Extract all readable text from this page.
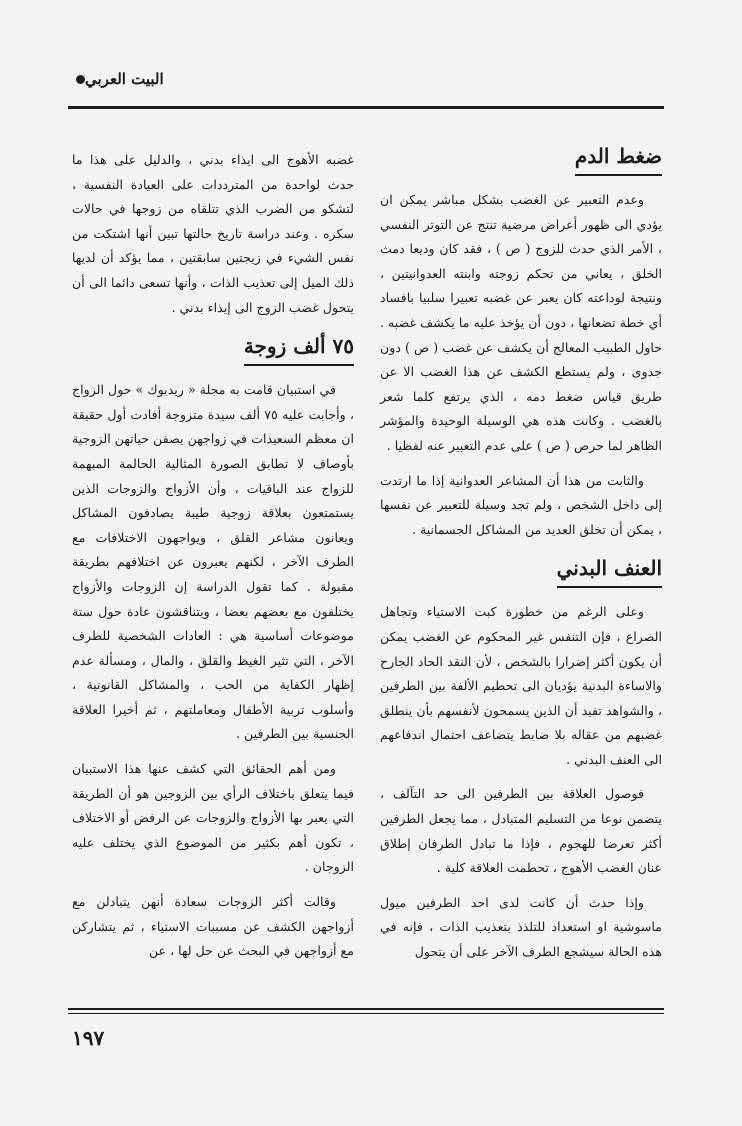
البيت العربي
ضغط الدم

وعدم التعبير عن الغضب بشكل مباشر يمكن ان يؤدي الى ظهور أعراض مرضية تنتج عن التوتر النفسي ، الأمر الذي حدث للزوج ( ص ) ، فقد كان وديعا دمث الخلق ، يعاني من تحكم زوجته وابنته العدوانيتين ، ونتيجة لوداعته كان يعبر عن غضبه تعبيرا سلبيا بافساد أي خطة تضعانها ، دون أن يؤخذ عليه ما يكشف غضبه . حاول الطبيب المعالج أن يكشف عن غضب ( ص ) دون جدوى ، ولم يستطع الكشف عن هذا الغضب الا عن طريق قياس ضغط دمه ، الذي يرتفع كلما شعر بالغضب . وكانت هذه هي الوسيلة الوحيدة والمؤشر الظاهر لما حرص ( ص ) على عدم التعبير عنه لفظيا .

والثابت من هذا أن المشاعر العدوانية إذا ما ارتدت إلى داخل الشخص ، ولم تجد وسيلة للتعبير عن نفسها ، يمكن أن تخلق العديد من المشاكل الجسمانية .

العنف البدني

وعلى الرغم من خطورة كبت الاستياء وتجاهل الصراع ، فإن التنفس غير المحكوم عن الغضب يمكن أن يكون أكثر إضرارا بالشخص ، لأن النقد الحاد الجارح والاساءة البدنية يؤديان الى تحطيم الألفة بين الطرفين ، والشواهد تفيد أن الذين يسمحون لأنفسهم بأن ينطلق غضبهم من عقاله بلا ضابط يتضاعف احتمال اندفاعهم الى العنف البدني .

فوصول العلاقة بين الطرفين الى حد التآلف ، يتضمن نوعا من التسليم المتبادل ، مما يجعل الطرفين أكثر تعرضا للهجوم ، فإذا ما تبادل الطرفان إطلاق عنان الغضب الأهوج ، تحطمت العلاقة كلية .

وإذا حدث أن كانت لدى احد الطرفين ميول ماسوشية او استعداد للتلذذ بتعذيب الذات ، فإنه في هذه الحالة سيشجع الطرف الآخر على أن يتحول

غضبه الأهوج الى ايذاء بدني ، والدليل على هذا ما حدث لواحدة من المترددات على العيادة النفسية ، لتشكو من الضرب الذي تتلقاه من زوجها في حالات سكره . وعند دراسة تاريخ حالتها تبين أنها اشتكت من نفس الشيء في زيجتين سابقتين ، مما يؤكد أن لديها ذلك الميل إلى تعذيب الذات ، وأنها تسعى دائما الى أن يتحول غضب الزوج الى إيذاء بدني .

٧٥ ألف زوجة

في استبيان قامت به مجلة « ريدبوك » حول الزواج ، وأجابت عليه ٧٥ ألف سيدة متزوجة أفادت أول حقيقة ان معظم السعيدات في زواجهن يصفن حياتهن الزوجية بأوصاف لا تطابق الصورة المثالية الحالمة المبهمة للزواج عند الباقيات ، وأن الأزواج والزوجات الذين يستمتعون بعلاقة زوجية طيبة يصادفون المشاكل ويعانون مشاعر القلق ، ويواجهون الاختلافات مع الطرف الآخر ، لكنهم يعبرون عن اختلافهم بطريقة مقبولة . كما تقول الدراسة إن الزوجات والأزواج يختلفون مع بعضهم بعضا ، ويتناقشون عادة حول ستة موضوعات أساسية هي : العادات الشخصية للطرف الآخر ، التي تثير الغيظ والقلق ، والمال ، ومسألة عدم إظهار الكفاية من الحب ، والمشاكل القانونية ، وأسلوب تربية الأطفال ومعاملتهم ، ثم أخيرا العلاقة الجنسية بين الطرفين .

ومن أهم الحقائق التي كشف عنها هذا الاستبيان فيما يتعلق باختلاف الرأي بين الزوجين هو أن الطريقة التي يعبر بها الأزواج والزوجات عن الرفض أو الاختلاف ، تكون أهم بكثير من الموضوع الذي يختلف عليه الزوجان .

وقالت أكثر الزوجات سعادة أنهن يتبادلن مع أزواجهن الكشف عن مسببات الاستياء ، ثم يتشاركن مع أزواجهن في البحث عن حل لها ، عن

١٩٧
